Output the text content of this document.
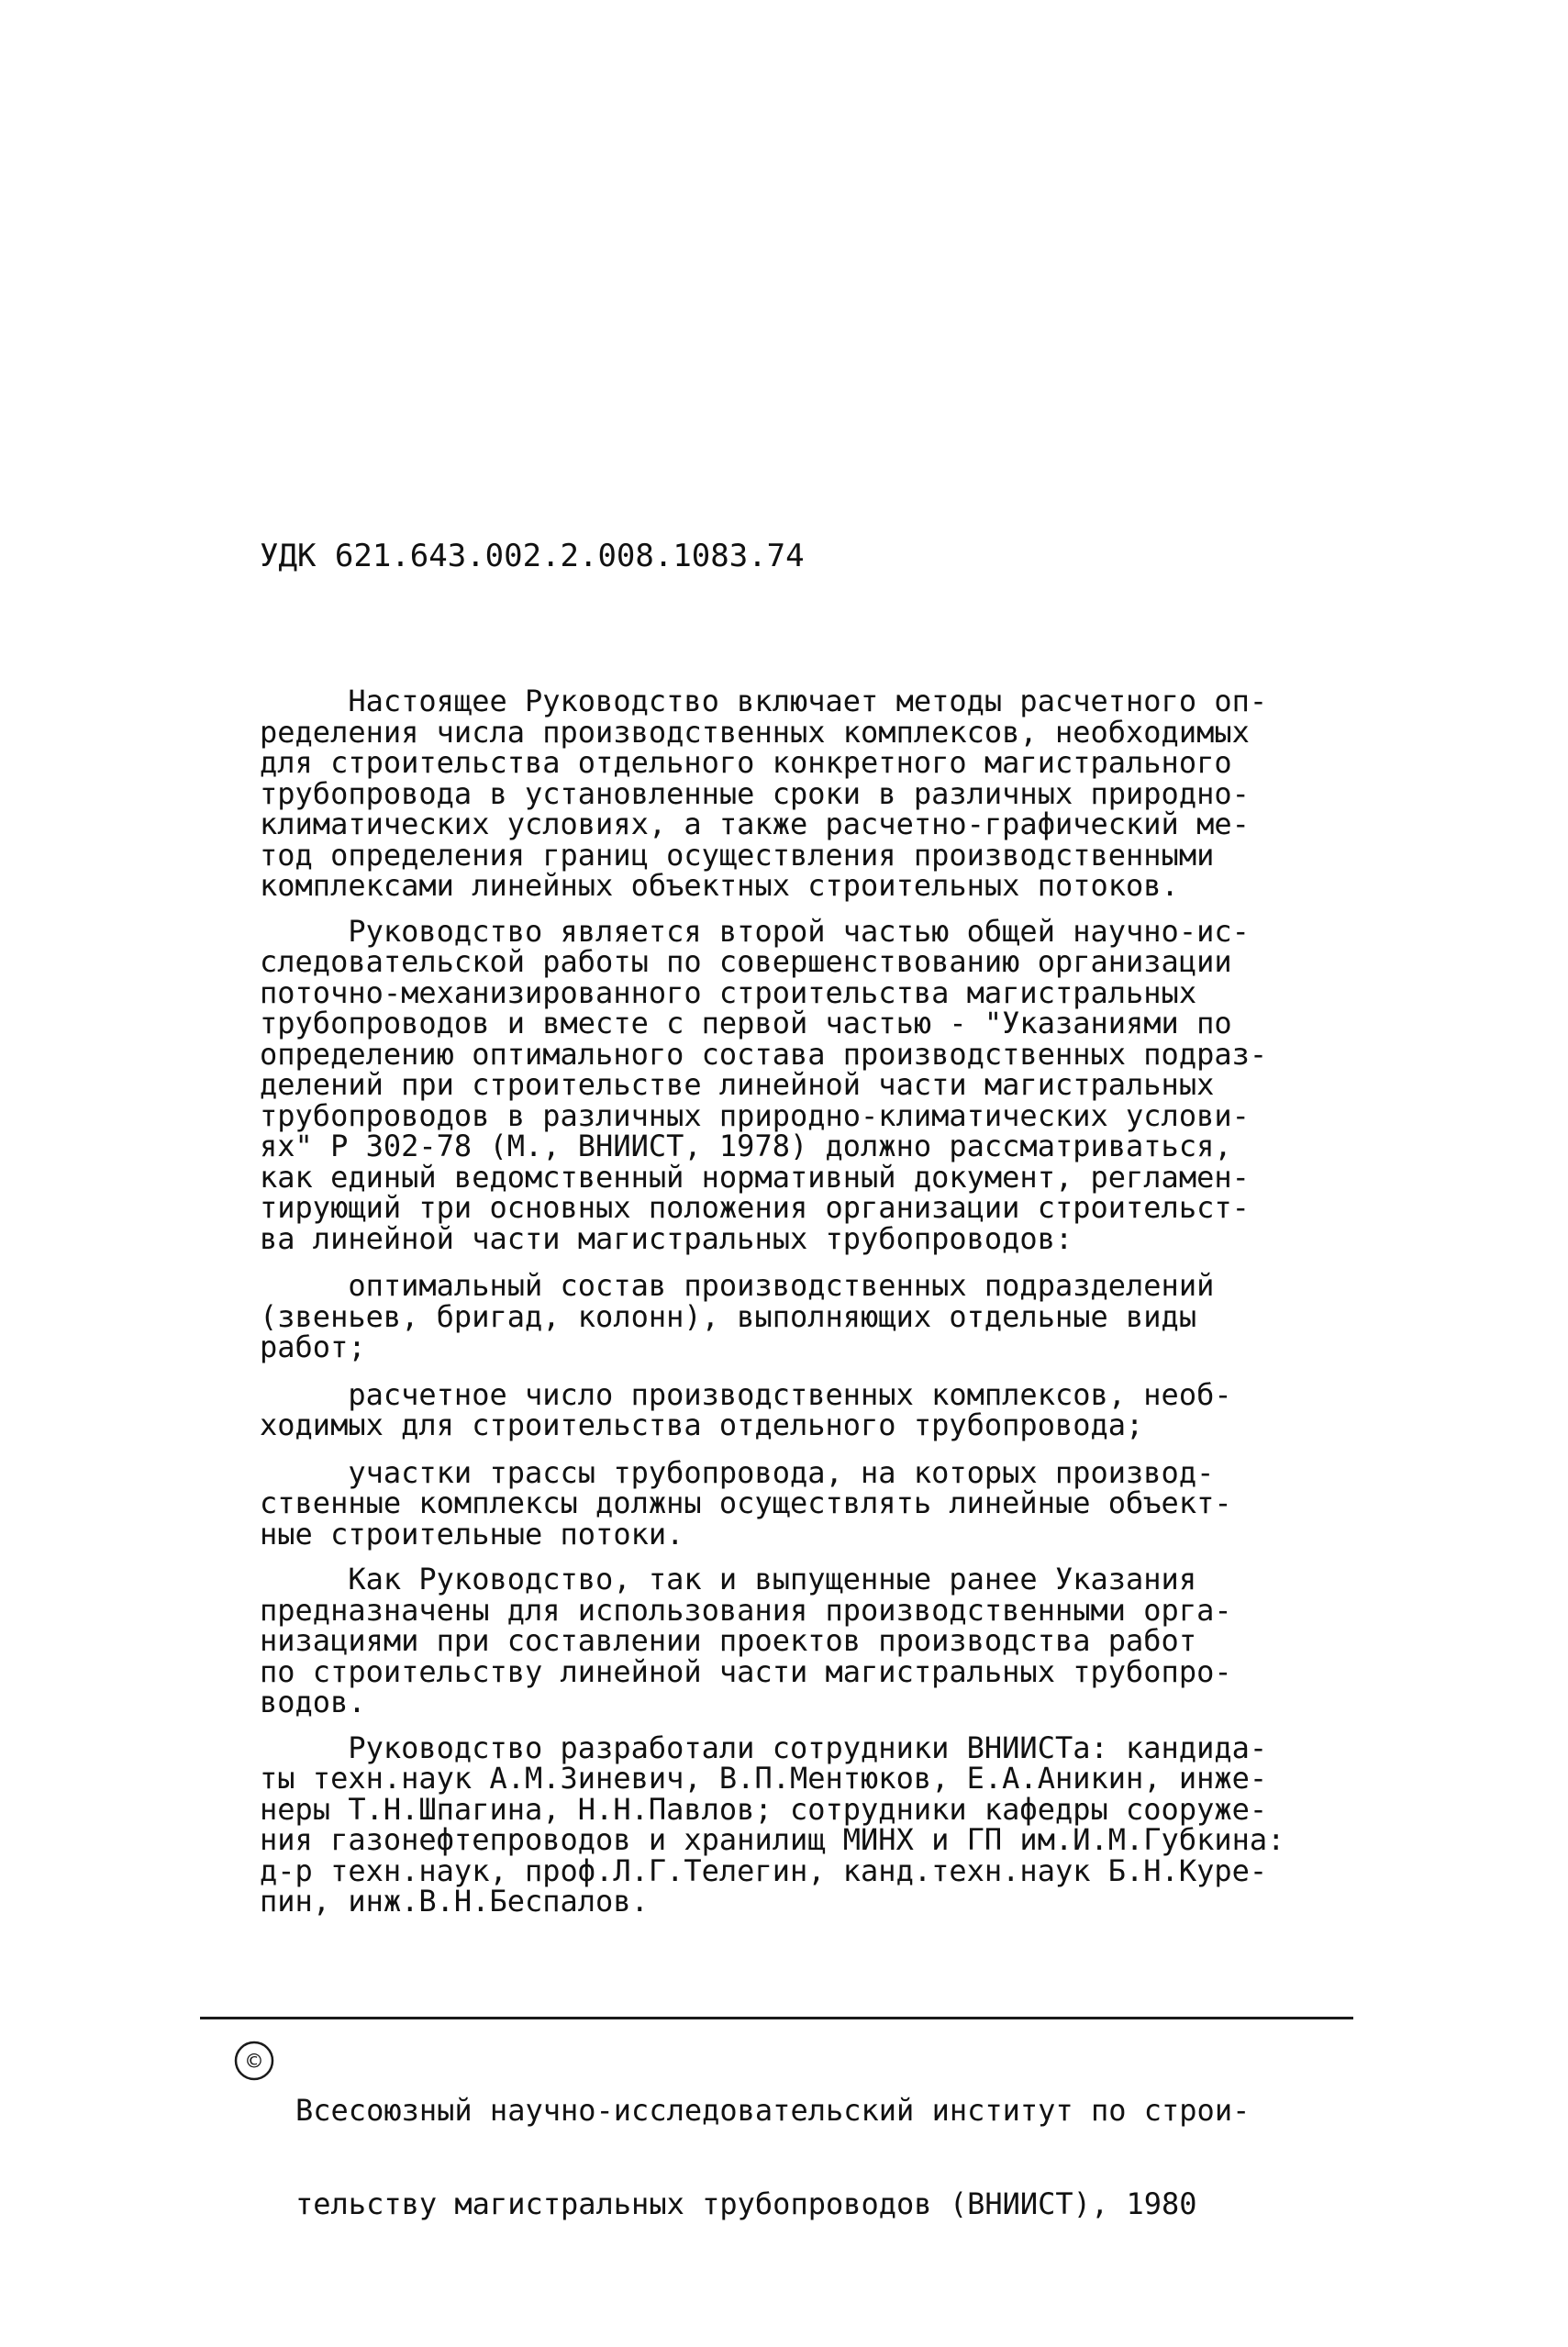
УДК 621.643.002.2.008.1083.74
Настоящее Руководство включает методы расчетного оп-
ределения числа производственных комплексов, необходимых
для строительства отдельного конкретного магистрального
трубопровода в установленные сроки в различных природно-
климатических условиях, а также расчетно-графический ме-
тод определения границ осуществления производственными
комплексами линейных объектных строительных потоков.
Руководство является второй частью общей научно-ис-
следовательской работы по совершенствованию организации
поточно-механизированного строительства магистральных
трубопроводов и вместе с первой частью - "Указаниями по
определению оптимального состава производственных подраз-
делений при строительстве линейной части магистральных
трубопроводов в различных природно-климатических услови-
ях" Р 302-78 (М., ВНИИСТ, 1978) должно рассматриваться,
как единый ведомственный нормативный документ, регламен-
тирующий три основных положения организации строительст-
ва линейной части магистральных трубопроводов:
оптимальный состав производственных подразделений
(звеньев, бригад, колонн), выполняющих отдельные виды
работ;
расчетное число производственных комплексов, необ-
ходимых для строительства отдельного трубопровода;
участки трассы трубопровода, на которых производ-
ственные комплексы должны осуществлять линейные объект-
ные строительные потоки.
Как Руководство, так и выпущенные ранее Указания
предназначены для использования производственными орга-
низациями при составлении проектов производства работ
по строительству линейной части магистральных трубопро-
водов.
Руководство разработали сотрудники ВНИИСТа: кандида-
ты техн.наук А.М.Зиневич, В.П.Ментюков, Е.А.Аникин, инже-
неры Т.Н.Шпагина, Н.Н.Павлов; сотрудники кафедры сооруже-
ния газонефтепроводов и хранилищ МИНХ и ГП им.И.М.Губкина:
д-р техн.наук, проф.Л.Г.Телегин, канд.техн.наук Б.Н.Куре-
пин, инж.В.Н.Беспалов.
©

Всесоюзный научно-исследовательский институт по строи-

тельству магистральных трубопроводов (ВНИИСТ), 1980
